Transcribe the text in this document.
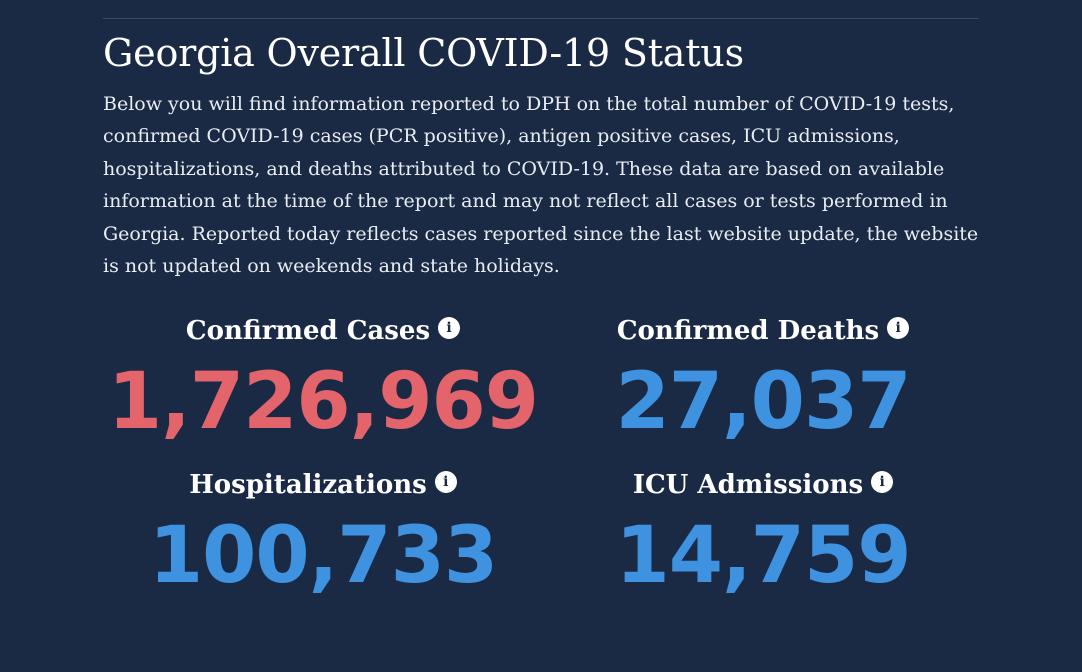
Georgia Overall COVID-19 Status

Below you will find information reported to DPH on the total number of COVID-19 tests, confirmed COVID-19 cases (PCR positive), antigen positive cases, ICU admissions, hospitalizations, and deaths attributed to COVID-19. These data are based on available information at the time of the report and may not reflect all cases or tests performed in Georgia. Reported today reflects cases reported since the last website update, the website is not updated on weekends and state holidays.

Confirmed Cases	i
1,726,969
Confirmed Deaths	i
27,037
Hospitalizations	i
100,733
ICU Admissions	i
14,759
